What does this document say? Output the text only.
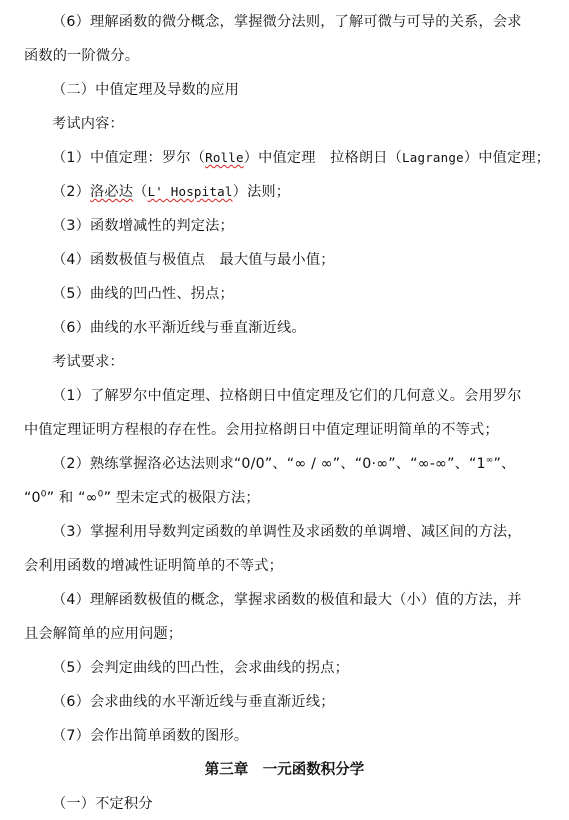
（6）理解函数的微分概念，掌握微分法则，了解可微与可导的关系，会求
函数的一阶微分。
（二）中值定理及导数的应用
考试内容：
（1）中值定理：罗尔（Rolle）中值定理　拉格朗日（Lagrange）中值定理；
（2）洛必达（L' Hospital）法则；
（3）函数增减性的判定法；
（4）函数极值与极值点　最大值与最小值；
（5）曲线的凹凸性、拐点；
（6）曲线的水平渐近线与垂直渐近线。
考试要求：
（1）了解罗尔中值定理、拉格朗日中值定理及它们的几何意义。会用罗尔
中值定理证明方程根的存在性。会用拉格朗日中值定理证明简单的不等式；
（2）熟练掌握洛必达法则求“0/0”、“∞ / ∞”、“0·∞”、“∞-∞”、“1∞”、
“$0^0$” 和 “∞$^0$” 型未定式的极限方法；
（3）掌握利用导数判定函数的单调性及求函数的单调增、减区间的方法，
会利用函数的增减性证明简单的不等式；
（4）理解函数极值的概念，掌握求函数的极值和最大（小）值的方法，并
且会解简单的应用问题；
（5）会判定曲线的凹凸性，会求曲线的拐点；
（6）会求曲线的水平渐近线与垂直渐近线；
（7）会作出简单函数的图形。
第三章　一元函数积分学
（一）不定积分
